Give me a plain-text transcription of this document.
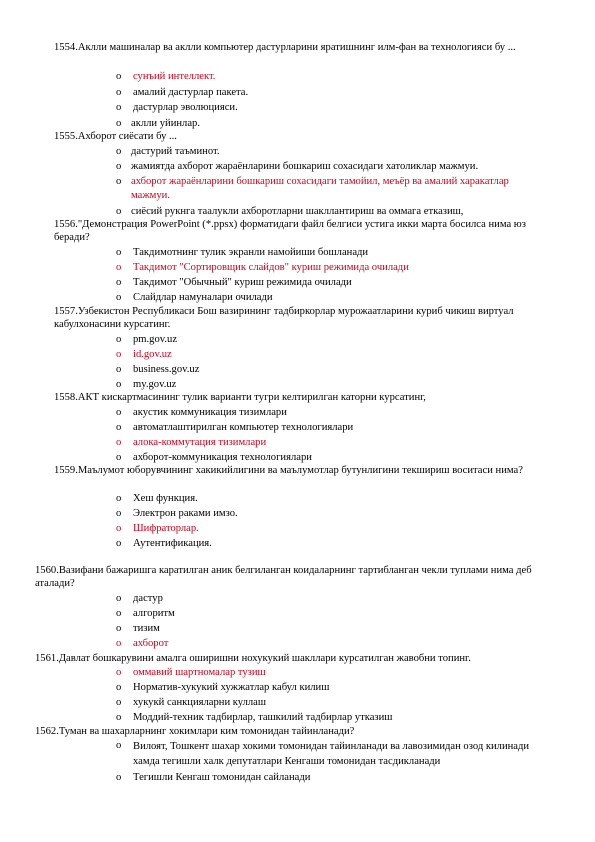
1554.Аклли машиналар ва аклли компьютер дастурларини яратишнинг илм-фан ва технологияси бу ...
o сунъий интеллект.
o амалий дастурлар пакета.
o дастурлар эволюцияси.
o аклли уйинлар.
1555.Ахборот сиёсати бу ...
o дастурий таъминот.
o жамиятда ахборот жараёнларини бошкариш сохасидаги хатоликлар мажмуи.
o ахборот жараёнларини бошкариш сохасидаги тамойил, меъёр ва амалий харакатлар мажмуи.
o сиёсий рукнга таалукли ахборотларни шакллантириш ва оммага етказиш,
1556."Демонстрация PowerPoint (*.ppsx) форматидаги файл белгиси устига икки марта босилса нима юз беради?
o Такдимотнинг тулик экранли намойиши бошланади
o Такдимот "Сортировщик слайдов" куриш режимида очилади
o Такдимот "Обычный" куриш режимида очилади
o Слайдлар намуналари очилади
1557.Узбекистон Республикаси Бош вазирининг тадбиркорлар мурожаатларини куриб чикиш виртуал кабулхонасини курсатинг.
o pm.gov.uz
o id.gov.uz
o business.gov.uz
o my.gov.uz
1558.АКТ кискартмасининг тулик варианти тугри келтирилган каторни курсатинг,
o акустик коммуникация тизимлари
o автоматлаштирилган компьютер технологиялари
o алока-коммутация тизимлари
o ахборот-коммуникация технологиялари
1559.Маълумот юборувчининг хакикийлигини ва маълумотлар бутунлигини текшириш воситаси нима?
o Хеш функция.
o Электрон раками имзо.
o Шифраторлар.
o Аутентификация.
1560.Вазифани бажаришга каратилган аник белгиланган коидаларнинг тартибланган чекли туплами нима деб аталади?
o дастур
o алгоритм
o тизим
o ахборот
1561.Давлат бошкарувини амалга оширишни нохукукий шакллари курсатилган жавобни топинг.
o оммавий шартномалар тузиш
o Норматив-хукукий хужжатлар кабул килиш
o хукукй санкцияларни куллаш
o Моддий-техник тадбирлар, ташкилий тадбирлар утказиш
1562.Туман ва шахарларнинг хокимлари ким томонидан тайинланади?
o Вилоят, Тошкент шахар хокими томонидан тайинланади ва лавозимидан озод килинади хамда тегишли халк депутатлари Кенгаши томонидан тасдикланади
o Тегишли Кенгаш томонидан сайланади
